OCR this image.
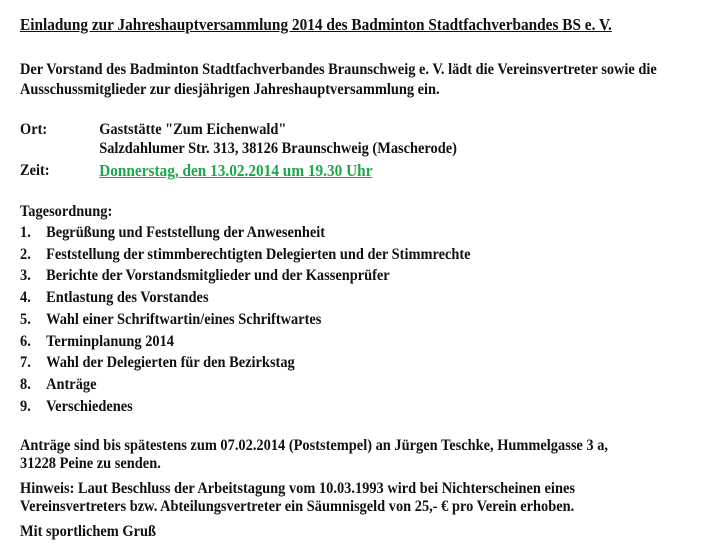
Einladung zur Jahreshauptversammlung 2014 des Badminton Stadtfachverbandes BS e. V.
Der Vorstand des Badminton Stadtfachverbandes Braunschweig e. V. lädt die Vereinsvertreter sowie die
Ausschussmitglieder zur diesjährigen Jahreshauptversammlung ein.
Ort:	Gaststätte "Zum Eichenwald"
Salzdahlumer Str. 313, 38126 Braunschweig (Mascherode)
Zeit:	Donnerstag, den 13.02.2014 um 19.30 Uhr
Tagesordnung:
1. Begrüßung und Feststellung der Anwesenheit
2. Feststellung der stimmberechtigten Delegierten und der Stimmrechte
3. Berichte der Vorstandsmitglieder und der Kassenprüfer
4. Entlastung des Vorstandes
5. Wahl einer Schriftwartin/eines Schriftwartes
6. Terminplanung 2014
7. Wahl der Delegierten für den Bezirkstag
8. Anträge
9. Verschiedenes
Anträge sind bis spätestens zum 07.02.2014 (Poststempel) an Jürgen Teschke, Hummelgasse 3 a,
31228 Peine zu senden.
Hinweis: Laut Beschluss der Arbeitstagung vom 10.03.1993 wird bei Nichterscheinen eines
Vereinsvertreters bzw. Abteilungsvertreter ein Säumnisgeld von 25,- € pro Verein erhoben.
Mit sportlichem Gruß
